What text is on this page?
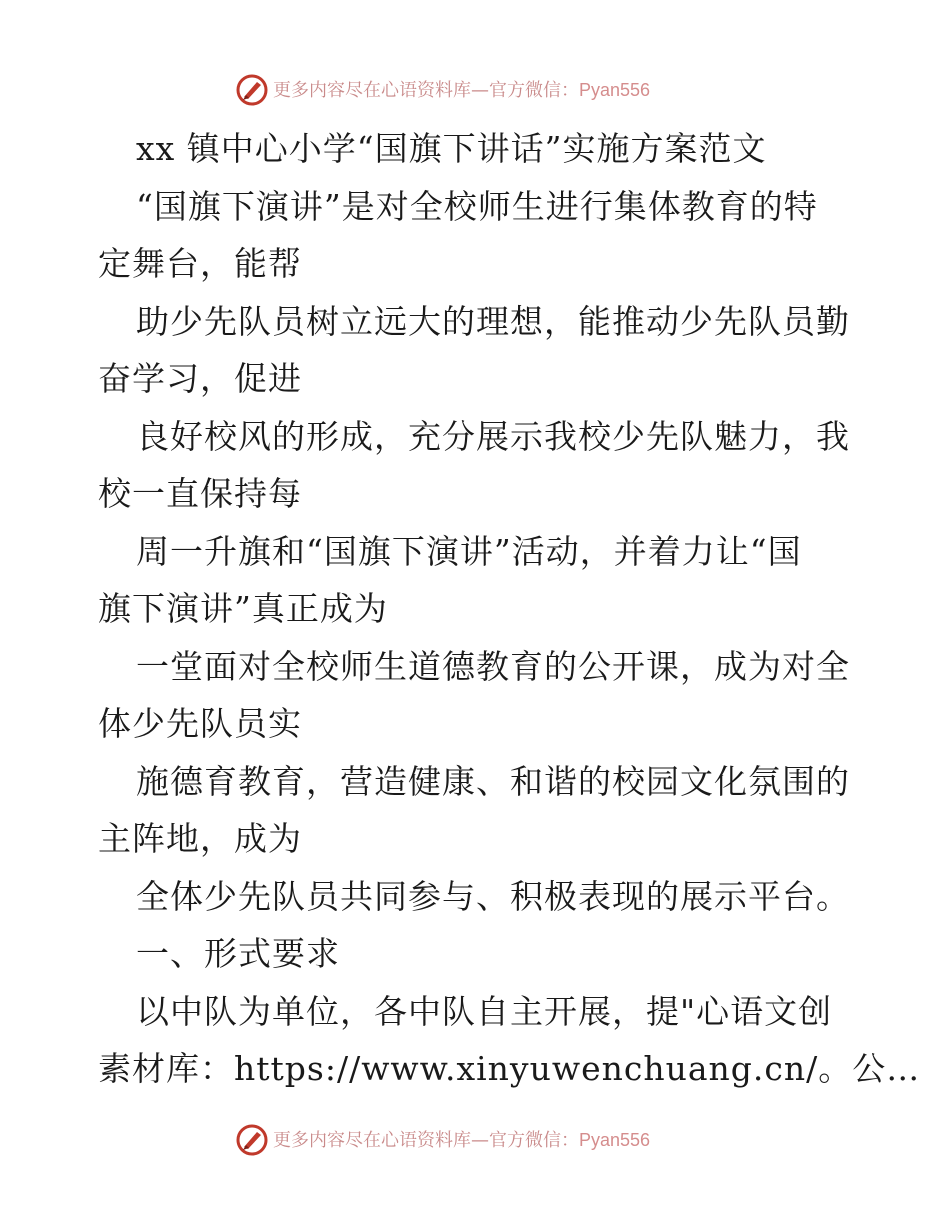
更多内容尽在心语资料库—官方微信：Pyan556
xx 镇中心小学“国旗下讲话”实施方案范文
“国旗下演讲”是对全校师生进行集体教育的特
定舞台，能帮
助少先队员树立远大的理想，能推动少先队员勤
奋学习，促进
良好校风的形成，充分展示我校少先队魅力，我
校一直保持每
周一升旗和“国旗下演讲”活动，并着力让“国
旗下演讲”真正成为
一堂面对全校师生道德教育的公开课，成为对全
体少先队员实
施德育教育，营造健康、和谐的校园文化氛围的
主阵地，成为
全体少先队员共同参与、积极表现的展示平台。
一、形式要求
以中队为单位，各中队自主开展，提"心语文创
素材库：https://www.xinyuwenchuang.cn/。公…
更多内容尽在心语资料库—官方微信：Pyan556
